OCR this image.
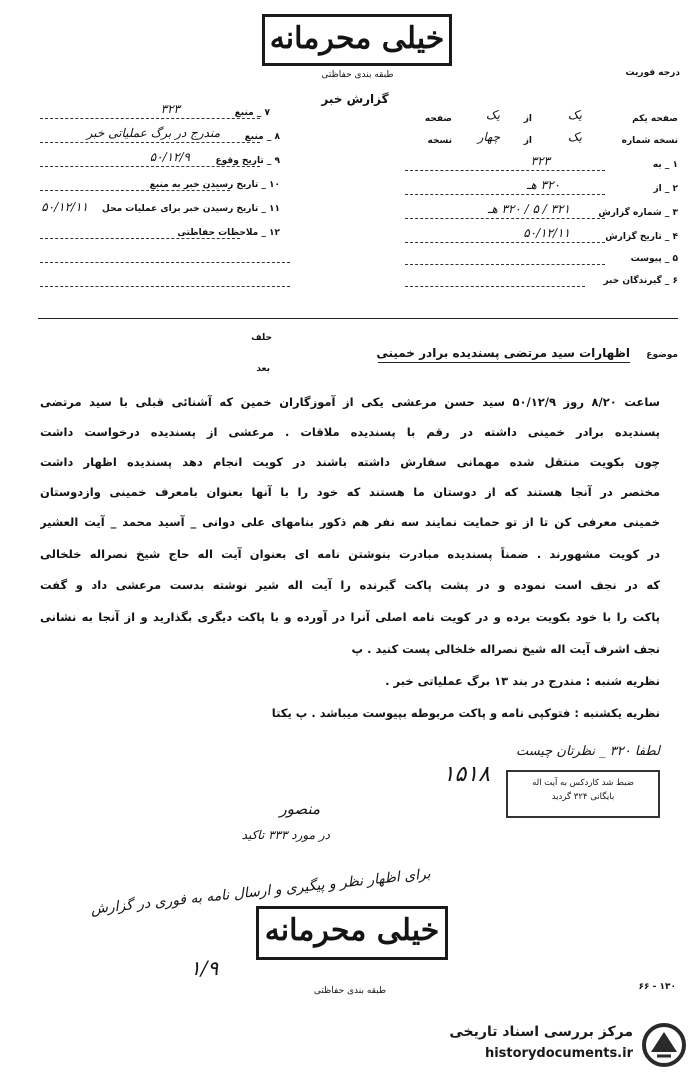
خیلی محرمانه
طبقه بندی حفاظتی	درجه فوریت
گزارش خبر
صفحه یکم
از	یک
صفحه	یک
نسخه شماره
از	یک
نسخه چهار
۱ _ به
۳۲۳
۲ _ از
۳۲۰ هـ
۳ _ شماره گزارش
۳۲۱ / ۵ / ۳۲۰ هـ
۴ _ تاریخ گزارش
۵۰/۱۲/۱۱
۵ _ پیوست
۶ _ گیرندگان خبر
۷ _ منبع
۳۲۳
۸ _ منبع
مندرج در برگ عملیاتی خبر
۹ _ تاریخ وقوع
۵۰/۱۲/۹
۱۰ _ تاریخ رسیدن خبر به منبع
۱۱ _ تاریخ رسیدن خبر برای عملیات محل
۵۰/۱۲/۱۱
۱۲ _ ملاحظات حفاظتی
حلف
بعد
موضوع
اظهارات سید مرتضی پسندیده برادر خمینی
ساعت ۸/۲۰ روز ۵۰/۱۲/۹ سید حسن مرعشی یکی از آموزگاران خمین که آشنائی قبلی با سید مرتضی
پسندیده برادر خمینی داشته در رقم با پسندیده ملاقات . مرعشی از پسندیده درخواست داشت
چون بکویت منتقل شده مهمانی سفارش داشته باشند در کویت انجام دهد پسندیده اظهار داشت
مختصر در آنجا هستند که از دوستان ما هستند که خود را با آنها بعنوان بامعرف خمینی وازدوستان
خمینی معرفی کن تا از تو حمایت نمایند سه نفر هم ذکور بنامهای علی دوانی _ آسید محمد _ آیت العشیر
در کویت مشهورند . ضمناً پسندیده مبادرت بنوشتن نامه ای بعنوان آیت اله حاج شیخ نصراله خلخالی
که در نجف است نموده و در پشت پاکت گیرنده را آیت اله شیر نوشته بدست مرعشی داد و گفت
پاکت را با خود بکویت برده و در کویت نامه اصلی آنرا در آورده و با پاکت دیگری بگذارید و از آنجا به نشانی
نجف اشرف آیت اله شیخ نصراله خلخالی پست کنید . پ
نظریه شنبه : مندرج در بند ۱۳ برگ عملیاتی خبر .
نظریه یکشنبه : فتوکپی نامه و پاکت مربوطه بپیوست میباشد . پ یکتا
لطفا ۳۲۰ _ نظرتان چیست
۱۵۱۸	ضبط شد کاردکس به آیت اله
بایگانی ۳۲۴ گردید
منصور
در مورد ۳۳۳ تاکید
برای اظهار نظر و پیگیری و ارسال نامه به فوری در گزارش
خیلی محرمانه
طبقه بندی حفاظتی
۱/۹
۱۳۰ - ۶۶
مرکز بررسی اسناد تاریخی
historydocuments.ir
